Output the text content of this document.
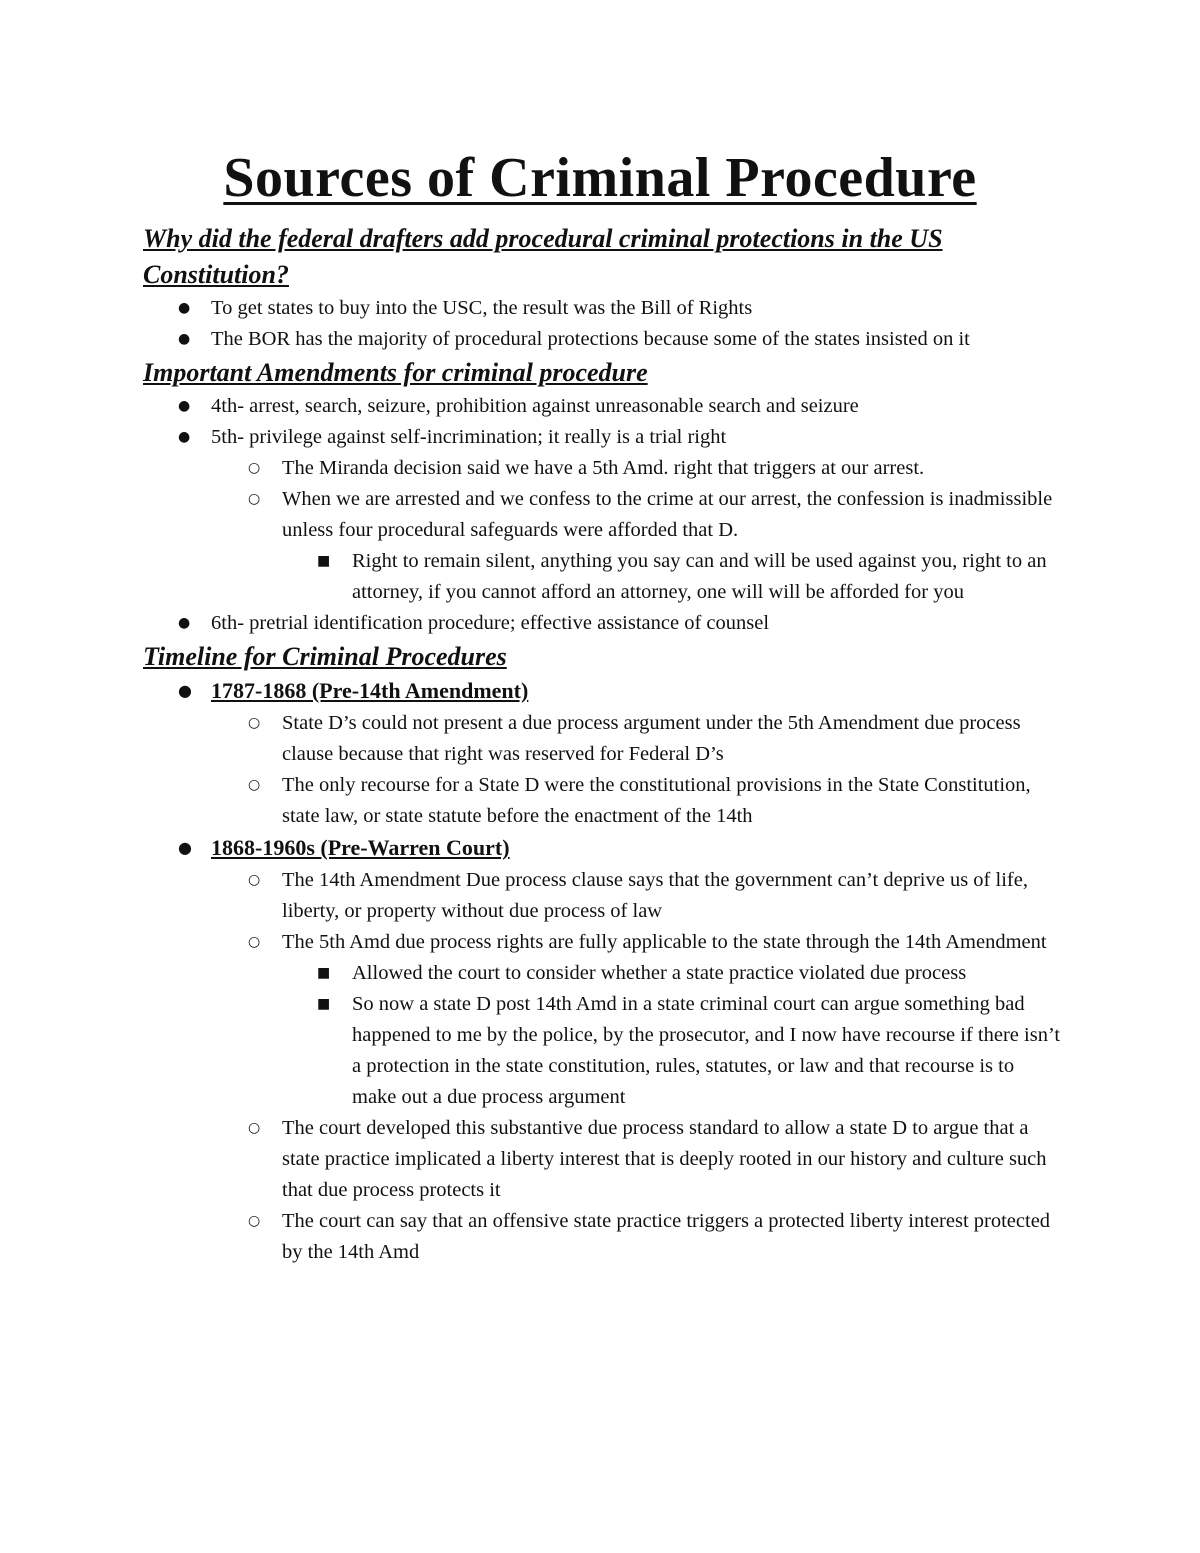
Sources of Criminal Procedure
Why did the federal drafters add procedural criminal protections in the US Constitution?
● To get states to buy into the USC, the result was the Bill of Rights
● The BOR has the majority of procedural protections because some of the states insisted on it
Important Amendments for criminal procedure
● 4th- arrest, search, seizure, prohibition against unreasonable search and seizure
● 5th- privilege against self-incrimination; it really is a trial right
○ The Miranda decision said we have a 5th Amd. right that triggers at our arrest.
○ When we are arrested and we confess to the crime at our arrest, the confession is inadmissible unless four procedural safeguards were afforded that D.
■ Right to remain silent, anything you say can and will be used against you, right to an attorney, if you cannot afford an attorney, one will will be afforded for you
● 6th- pretrial identification procedure; effective assistance of counsel
Timeline for Criminal Procedures
● 1787-1868 (Pre-14th Amendment)
○ State D’s could not present a due process argument under the 5th Amendment due process clause because that right was reserved for Federal D’s
○ The only recourse for a State D were the constitutional provisions in the State Constitution, state law, or state statute before the enactment of the 14th
● 1868-1960s (Pre-Warren Court)
○ The 14th Amendment Due process clause says that the government can’t deprive us of life, liberty, or property without due process of law
○ The 5th Amd due process rights are fully applicable to the state through the 14th Amendment
■ Allowed the court to consider whether a state practice violated due process
■ So now a state D post 14th Amd in a state criminal court can argue something bad happened to me by the police, by the prosecutor, and I now have recourse if there isn’t a protection in the state constitution, rules, statutes, or law and that recourse is to make out a due process argument
○ The court developed this substantive due process standard to allow a state D to argue that a state practice implicated a liberty interest that is deeply rooted in our history and culture such that due process protects it
○ The court can say that an offensive state practice triggers a protected liberty interest protected by the 14th Amd
